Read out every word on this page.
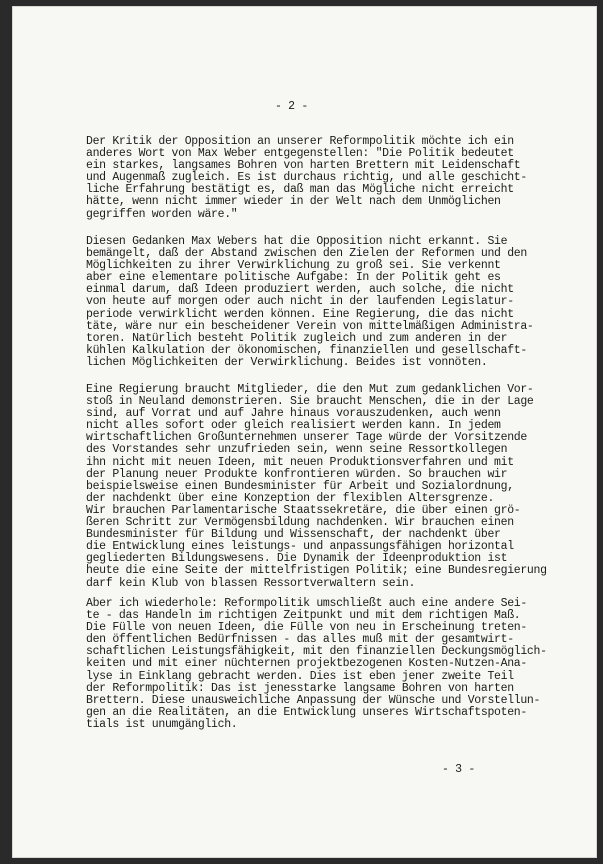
- 2 -
Der Kritik der Opposition an unserer Reformpolitik möchte ich ein
anderes Wort von Max Weber entgegenstellen: "Die Politik bedeutet
ein starkes, langsames Bohren von harten Brettern mit Leidenschaft
und Augenmaß zugleich. Es ist durchaus richtig, und alle geschicht-
liche Erfahrung bestätigt es, daß man das Mögliche nicht erreicht
hätte, wenn nicht immer wieder in der Welt nach dem Unmöglichen
gegriffen worden wäre."
Diesen Gedanken Max Webers hat die Opposition nicht erkannt. Sie
bemängelt, daß der Abstand zwischen den Zielen der Reformen und den
Möglichkeiten zu ihrer Verwirklichung zu groß sei. Sie verkennt
aber eine elementare politische Aufgabe: In der Politik geht es
einmal darum, daß Ideen produziert werden, auch solche, die nicht
von heute auf morgen oder auch nicht in der laufenden Legislatur-
periode verwirklicht werden können. Eine Regierung, die das nicht
täte, wäre nur ein bescheidener Verein von mittelmäßigen Administra-
toren. Natürlich besteht Politik zugleich und zum anderen in der
kühlen Kalkulation der ökonomischen, finanziellen und gesellschaft-
lichen Möglichkeiten der Verwirklichung. Beides ist vonnöten.
Eine Regierung braucht Mitglieder, die den Mut zum gedanklichen Vor-
stoß in Neuland demonstrieren. Sie braucht Menschen, die in der Lage
sind, auf Vorrat und auf Jahre hinaus vorauszudenken, auch wenn
nicht alles sofort oder gleich realisiert werden kann. In jedem
wirtschaftlichen Großunternehmen unserer Tage würde der Vorsitzende
des Vorstandes sehr unzufrieden sein, wenn seine Ressortkollegen
ihn nicht mit neuen Ideen, mit neuen Produktionsverfahren und mit
der Planung neuer Produkte konfrontieren würden. So brauchen wir
beispielsweise einen Bundesminister für Arbeit und Sozialordnung,
der nachdenkt über eine Konzeption der flexiblen Altersgrenze.
Wir brauchen Parlamentarische Staatssekretäre, die über einen grö-
ßeren Schritt zur Vermögensbildung nachdenken. Wir brauchen einen
Bundesminister für Bildung und Wissenschaft, der nachdenkt über
die Entwicklung eines leistungs- und anpassungsfähigen horizontal
gegliederten Bildungswesens. Die Dynamik der Ideenproduktion ist
heute die eine Seite der mittelfristigen Politik; eine Bundesregierung
darf kein Klub von blassen Ressortverwaltern sein.
Aber ich wiederhole: Reformpolitik umschließt auch eine andere Sei-
te - das Handeln im richtigen Zeitpunkt und mit dem richtigen Maß.
Die Fülle von neuen Ideen, die Fülle von neu in Erscheinung treten-
den öffentlichen Bedürfnissen - das alles muß mit der gesamtwirt-
schaftlichen Leistungsfähigkeit, mit den finanziellen Deckungsmöglich-
keiten und mit einer nüchternen projektbezogenen Kosten-Nutzen-Ana-
lyse in Einklang gebracht werden. Dies ist eben jener zweite Teil
der Reformpolitik: Das ist jenesstarke langsame Bohren von harten
Brettern. Diese unausweichliche Anpassung der Wünsche und Vorstellun-
gen an die Realitäten, an die Entwicklung unseres Wirtschaftspoten-
tials ist unumgänglich.
- 3 -
